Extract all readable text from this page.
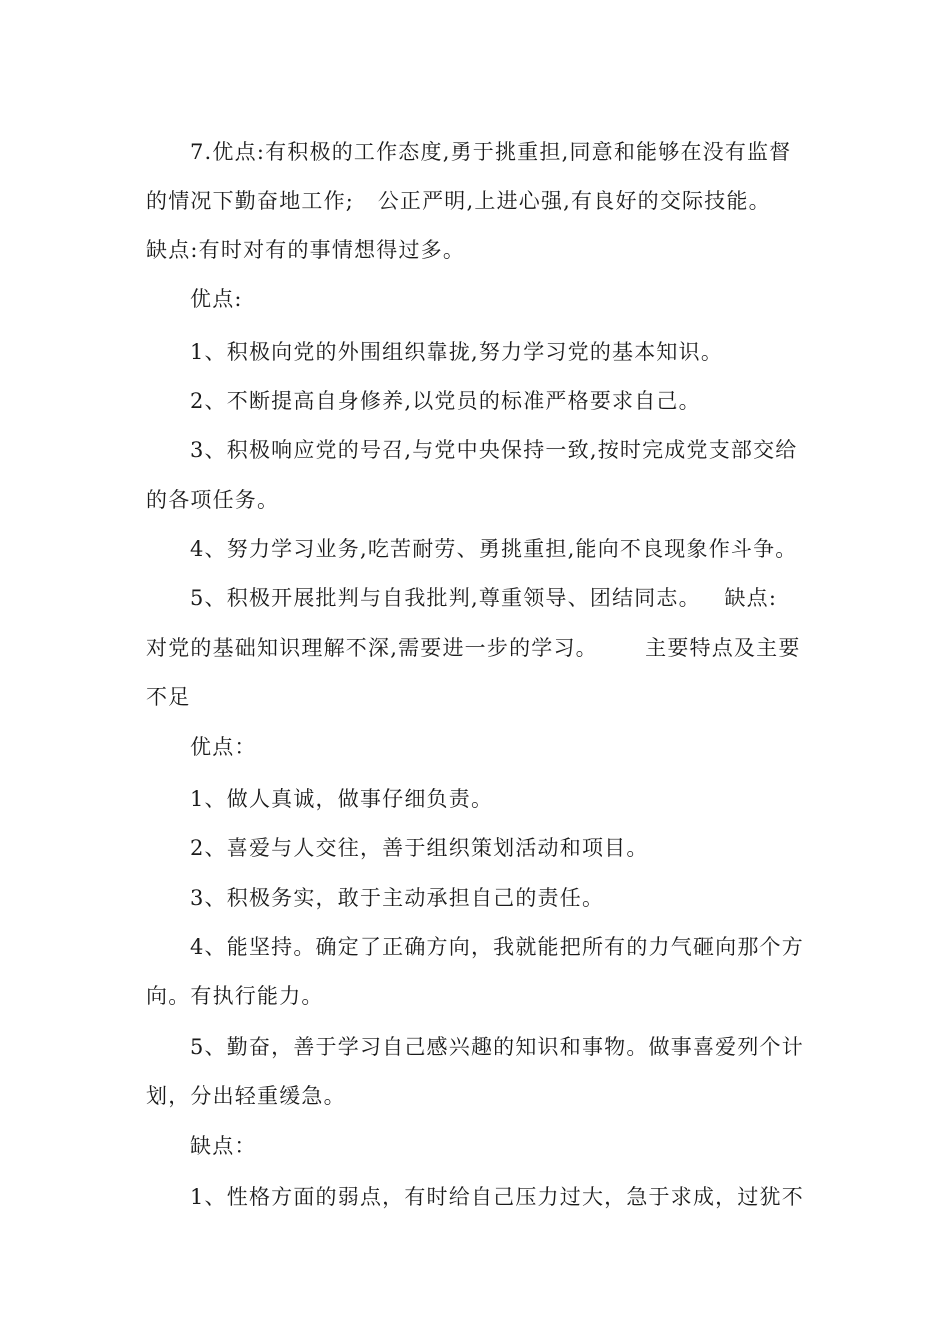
7.优点:有积极的工作态度,勇于挑重担,同意和能够在没有监督
的情况下勤奋地工作;   公正严明,上进心强,有良好的交际技能。
缺点:有时对有的事情想得过多。
优点:
1、积极向党的外围组织靠拢,努力学习党的基本知识。
2、不断提高自身修养,以党员的标准严格要求自己。
3、积极响应党的号召,与党中央保持一致,按时完成党支部交给
的各项任务。
4、努力学习业务,吃苦耐劳、勇挑重担,能向不良现象作斗争。
5、积极开展批判与自我批判,尊重领导、团结同志。   缺点:
对党的基础知识理解不深,需要进一步的学习。      主要特点及主要
不足
优点：
1、做人真诚，做事仔细负责。
2、喜爱与人交往，善于组织策划活动和项目。
3、积极务实，敢于主动承担自己的责任。
4、能坚持。确定了正确方向，我就能把所有的力气砸向那个方
向。有执行能力。
5、勤奋，善于学习自己感兴趣的知识和事物。做事喜爱列个计
划，分出轻重缓急。
缺点：
1、性格方面的弱点，有时给自己压力过大，急于求成，过犹不
